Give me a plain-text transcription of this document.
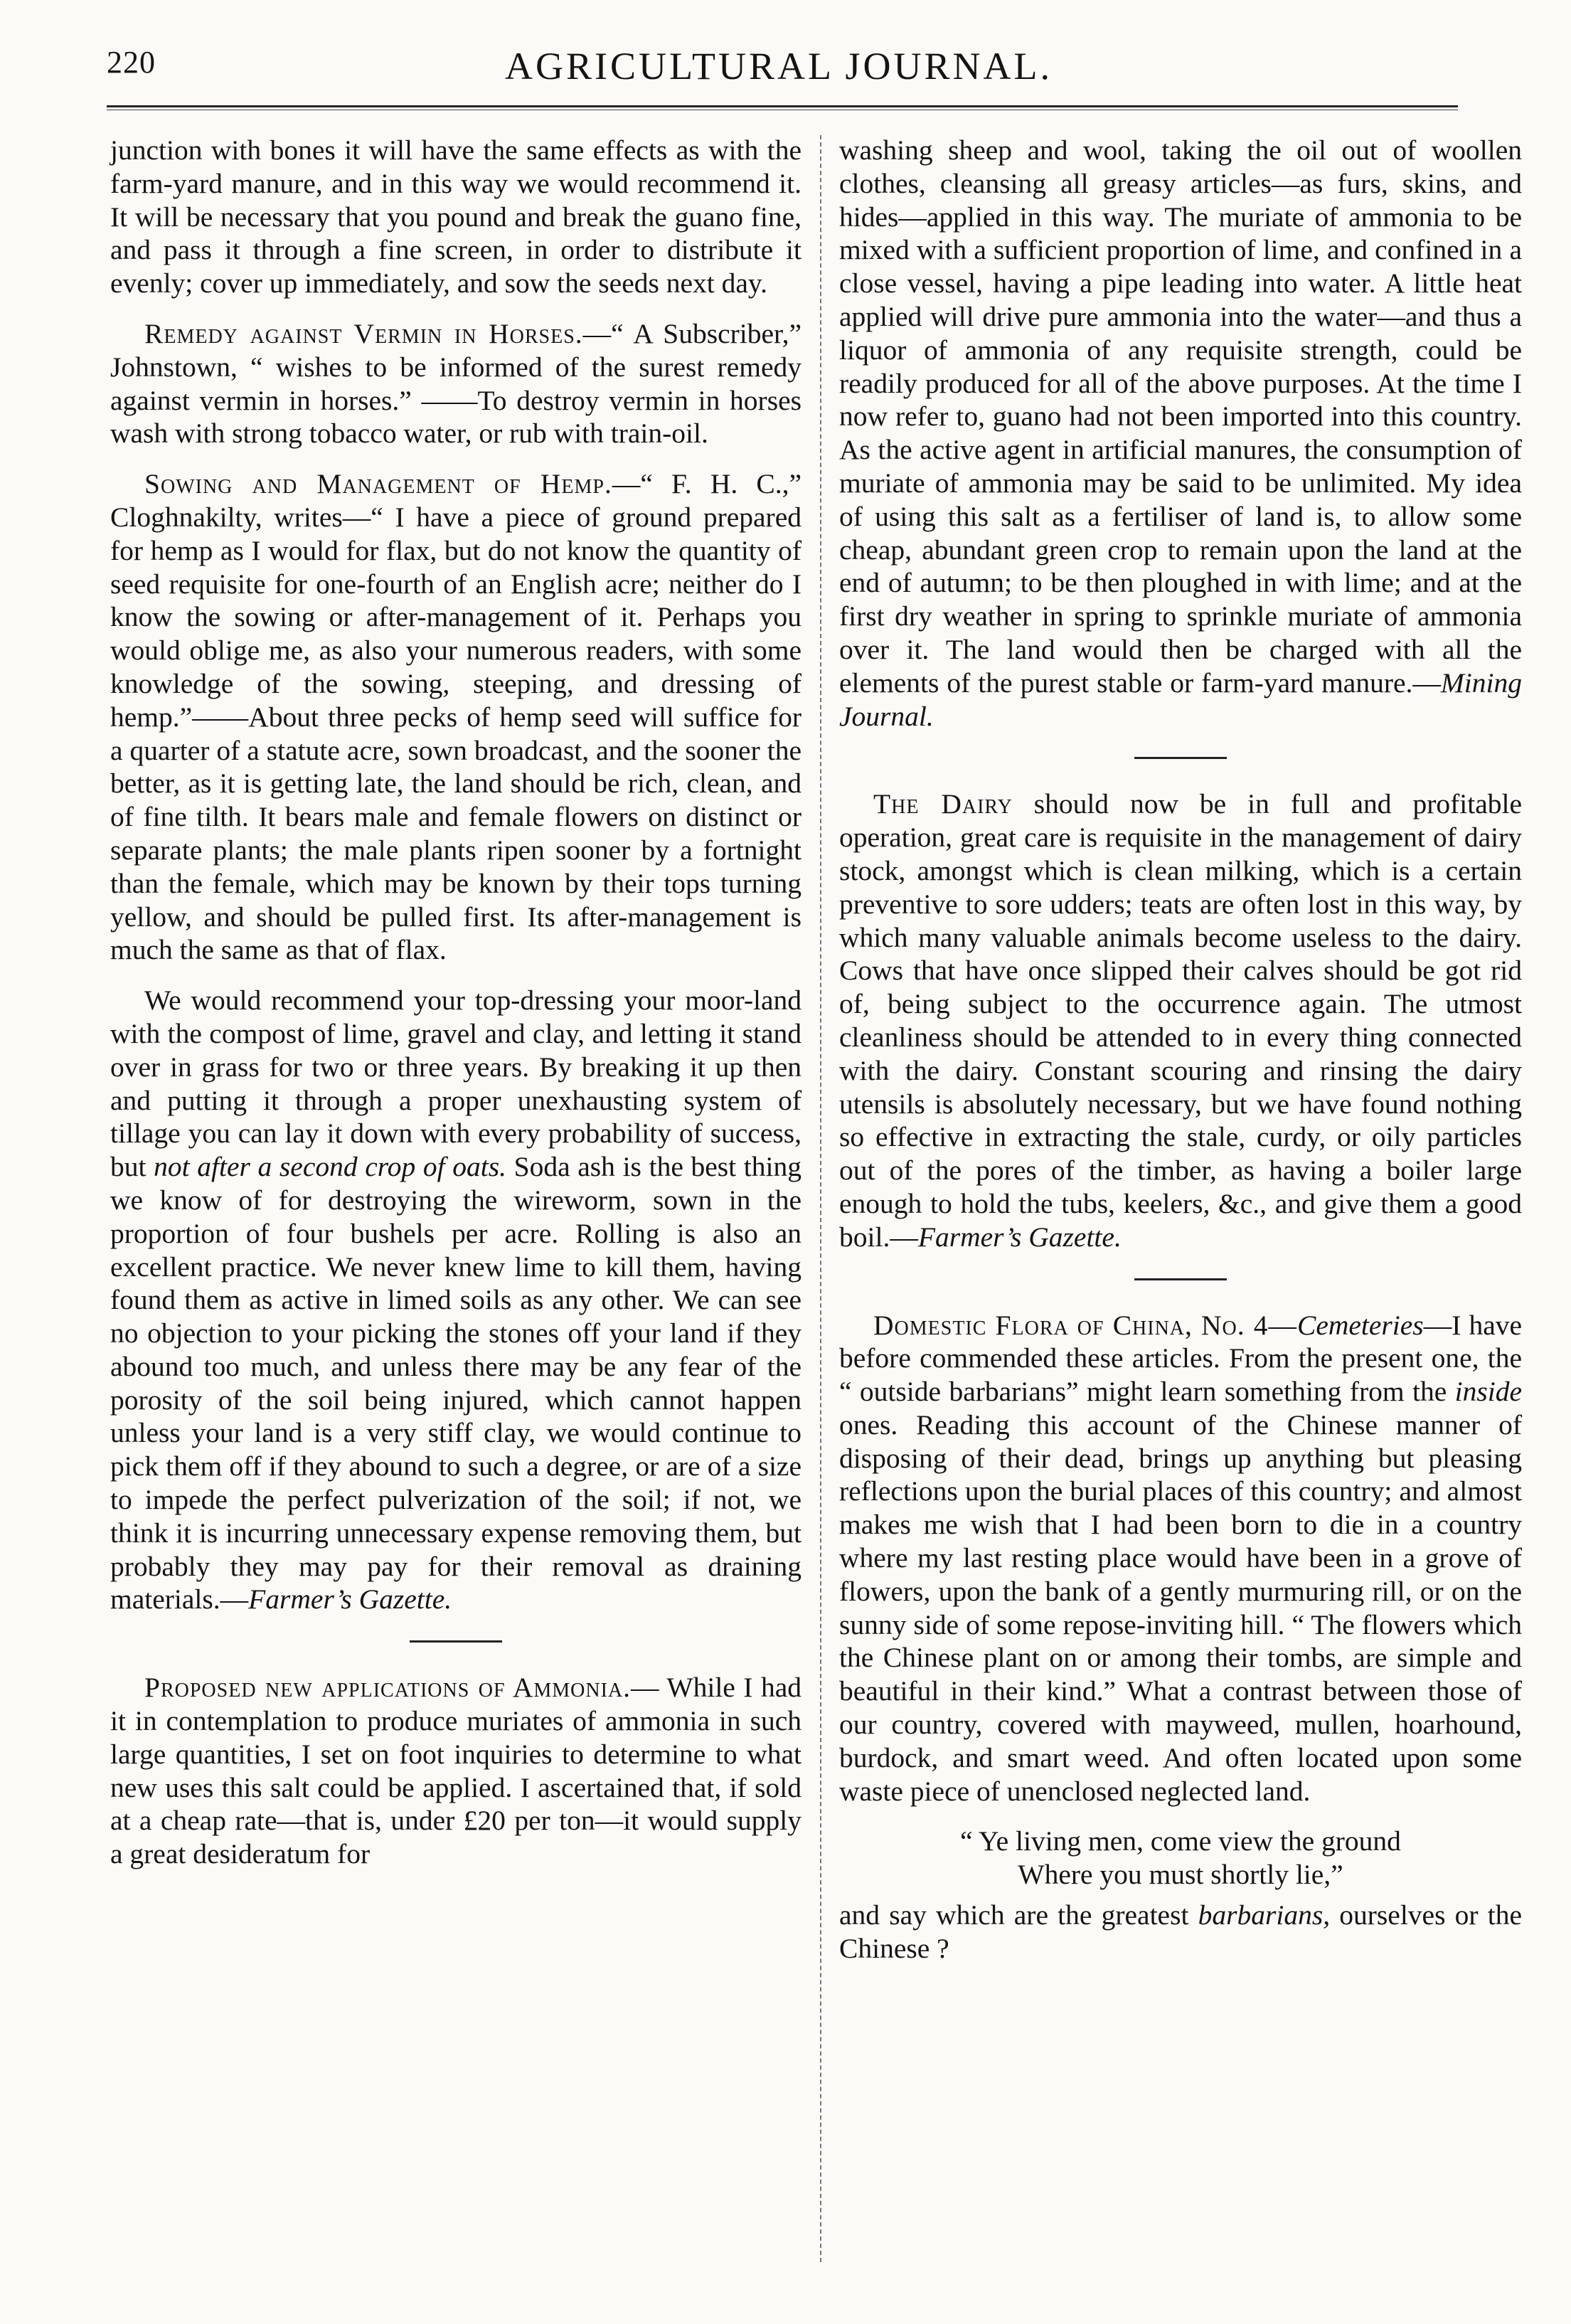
AGRICULTURAL JOURNAL.
220

junction with bones it will have the same effects as with the farm-yard manure, and in this way we would recommend it. It will be necessary that you pound and break the guano fine, and pass it through a fine screen, in order to distribute it evenly; cover up immediately, and sow the seeds next day.

Remedy against Vermin in Horses.—“ A Subscriber,” Johnstown, “ wishes to be informed of the surest remedy against vermin in horses.” ——To destroy vermin in horses wash with strong tobacco water, or rub with train-oil.

Sowing and Management of Hemp.—“ F. H. C.,” Cloghnakilty, writes—“ I have a piece of ground prepared for hemp as I would for flax, but do not know the quantity of seed requisite for one-fourth of an English acre; neither do I know the sowing or after-management of it. Perhaps you would oblige me, as also your numerous readers, with some knowledge of the sowing, steeping, and dressing of hemp.”——About three pecks of hemp seed will suffice for a quarter of a statute acre, sown broadcast, and the sooner the better, as it is getting late, the land should be rich, clean, and of fine tilth. It bears male and female flowers on distinct or separate plants; the male plants ripen sooner by a fortnight than the female, which may be known by their tops turning yellow, and should be pulled first. Its after-management is much the same as that of flax.

We would recommend your top-dressing your moor-land with the compost of lime, gravel and clay, and letting it stand over in grass for two or three years. By breaking it up then and putting it through a proper unexhausting system of tillage you can lay it down with every probability of success, but not after a second crop of oats. Soda ash is the best thing we know of for destroying the wireworm, sown in the proportion of four bushels per acre. Rolling is also an excellent practice. We never knew lime to kill them, having found them as active in limed soils as any other. We can see no objection to your picking the stones off your land if they abound too much, and unless there may be any fear of the porosity of the soil being injured, which cannot happen unless your land is a very stiff clay, we would continue to pick them off if they abound to such a degree, or are of a size to impede the perfect pulverization of the soil; if not, we think it is incurring unnecessary expense removing them, but probably they may pay for their removal as draining materials.—Farmer’s Gazette.

Proposed new applications of Ammonia.— While I had it in contemplation to produce muriates of ammonia in such large quantities, I set on foot inquiries to determine to what new uses this salt could be applied. I ascertained that, if sold at a cheap rate—that is, under £20 per ton—it would supply a great desideratum for

washing sheep and wool, taking the oil out of woollen clothes, cleansing all greasy articles—as furs, skins, and hides—applied in this way. The muriate of ammonia to be mixed with a sufficient proportion of lime, and confined in a close vessel, having a pipe leading into water. A little heat applied will drive pure ammonia into the water—and thus a liquor of ammonia of any requisite strength, could be readily produced for all of the above purposes. At the time I now refer to, guano had not been imported into this country. As the active agent in artificial manures, the consumption of muriate of ammonia may be said to be unlimited. My idea of using this salt as a fertiliser of land is, to allow some cheap, abundant green crop to remain upon the land at the end of autumn; to be then ploughed in with lime; and at the first dry weather in spring to sprinkle muriate of ammonia over it. The land would then be charged with all the elements of the purest stable or farm-yard manure.—Mining Journal.

The Dairy should now be in full and profitable operation, great care is requisite in the management of dairy stock, amongst which is clean milking, which is a certain preventive to sore udders; teats are often lost in this way, by which many valuable animals become useless to the dairy. Cows that have once slipped their calves should be got rid of, being subject to the occurrence again. The utmost cleanliness should be attended to in every thing connected with the dairy. Constant scouring and rinsing the dairy utensils is absolutely necessary, but we have found nothing so effective in extracting the stale, curdy, or oily particles out of the pores of the timber, as having a boiler large enough to hold the tubs, keelers, &c., and give them a good boil.—Farmer’s Gazette.

Domestic Flora of China, No. 4—Cemeteries—I have before commended these articles. From the present one, the “ outside barbarians” might learn something from the inside ones. Reading this account of the Chinese manner of disposing of their dead, brings up anything but pleasing reflections upon the burial places of this country; and almost makes me wish that I had been born to die in a country where my last resting place would have been in a grove of flowers, upon the bank of a gently murmuring rill, or on the sunny side of some repose-inviting hill. “ The flowers which the Chinese plant on or among their tombs, are simple and beautiful in their kind.” What a contrast between those of our country, covered with mayweed, mullen, hoarhound, burdock, and smart weed. And often located upon some waste piece of unenclosed neglected land.

“ Ye living men, come view the ground
Where you must shortly lie,”

and say which are the greatest barbarians, ourselves or the Chinese ?
